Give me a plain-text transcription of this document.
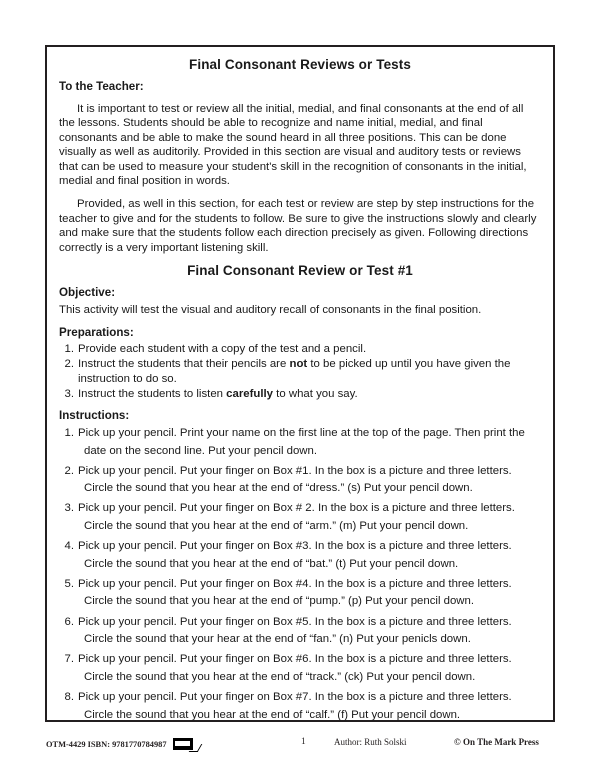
Final Consonant Reviews or Tests
To the Teacher:

It is important to test or review all the initial, medial, and final consonants at the end of all the lessons. Students should be able to recognize and name initial, medial, and final consonants and be able to make the sound heard in all three positions. This can be done visually as well as auditorily. Provided in this section are visual and auditory tests or reviews that can be used to measure your student's skill in the recognition of consonants in the initial, medial and final position in words.

Provided, as well in this section, for each test or review are step by step instructions for the teacher to give and for the students to follow. Be sure to give the instructions slowly and clearly and make sure that the students follow each direction precisely as given. Following directions correctly is a very important listening skill.

Final Consonant Review or Test #1
Objective:

This activity will test the visual and auditory recall of consonants in the final position.

Preparations:
1. Provide each student with a copy of the test and a pencil.
2. Instruct the students that their pencils are not to be picked up until you have given the instruction to do so.
3. Instruct the students to listen carefully to what you say.
Instructions:
1. Pick up your pencil. Print your name on the first line at the top of the page. Then print the
date on the second line. Put your pencil down.
2. Pick up your pencil. Put your finger on Box #1. In the box is a picture and three letters.
Circle the sound that you hear at the end of “dress.” (s) Put your pencil down.
3. Pick up your pencil. Put your finger on Box # 2. In the box is a picture and three letters.
Circle the sound that you hear at the end of “arm.” (m) Put your pencil down.
4. Pick up your pencil. Put your finger on Box #3. In the box is a picture and three letters.
Circle the sound that you hear at the end of “bat.” (t) Put your pencil down.
5. Pick up your pencil. Put your finger on Box #4. In the box is a picture and three letters.
Circle the sound that you hear at the end of “pump.” (p) Put your pencil down.
6. Pick up your pencil. Put your finger on Box #5. In the box is a picture and three letters.
Circle the sound that your hear at the end of “fan.” (n) Put your penicls down.
7. Pick up your pencil. Put your finger on Box #6. In the box is a picture and three letters.
Circle the sound that you hear at the end of “track.” (ck) Put your pencil down.
8. Pick up your pencil. Put your finger on Box #7. In the box is a picture and three letters.
Circle the sound that you hear at the end of “calf.” (f) Put your pencil down.
OTM-4429 ISBN: 9781770784987	1	Author: Ruth Solski	© On The Mark Press
